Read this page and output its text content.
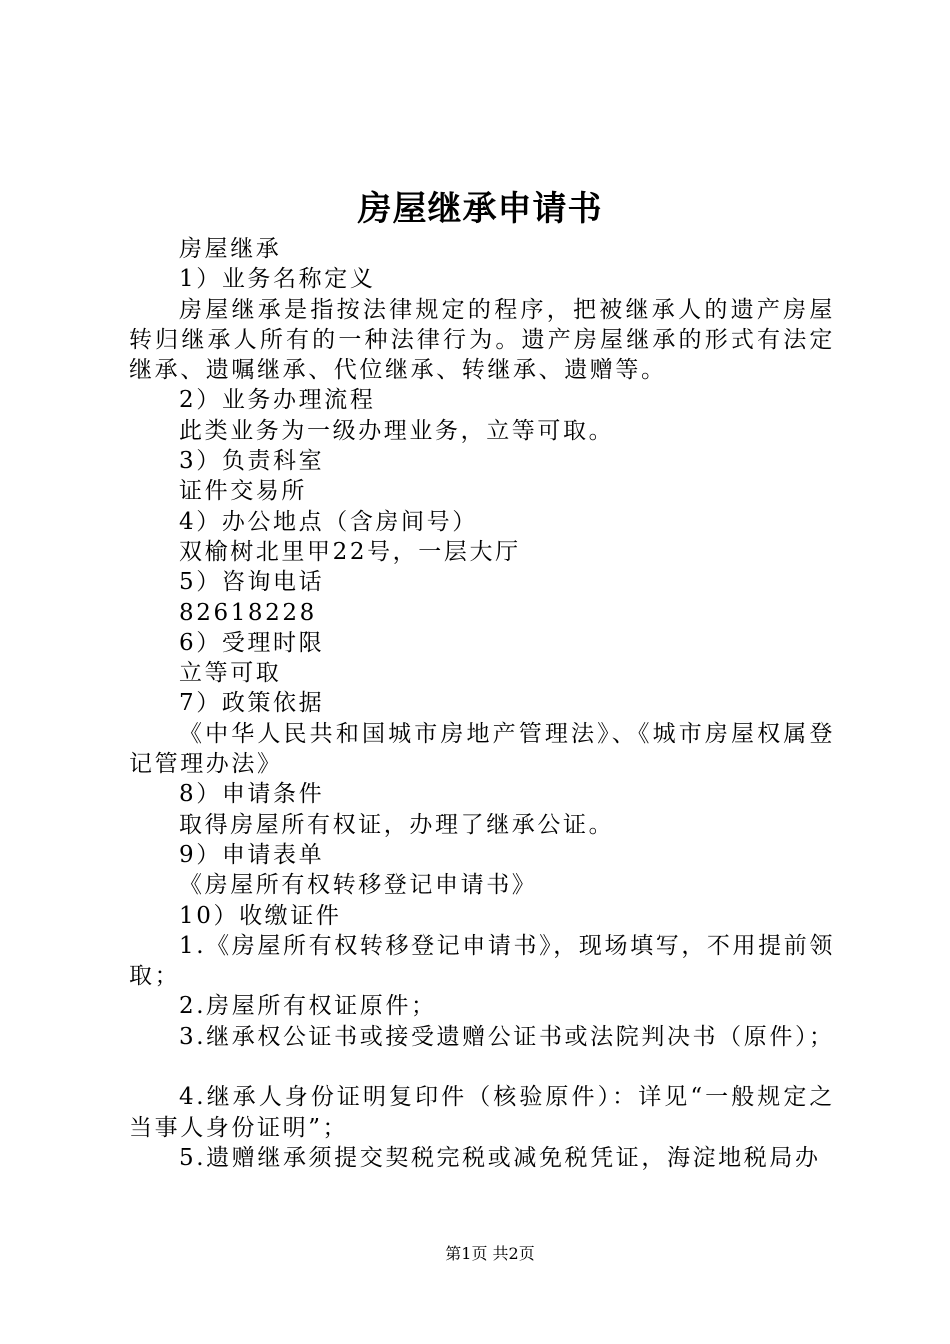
房屋继承申请书
房屋继承
1）业务名称定义
房屋继承是指按法律规定的程序，把被继承人的遗产房屋转归继承人所有的一种法律行为。遗产房屋继承的形式有法定继承、遗嘱继承、代位继承、转继承、遗赠等。
2）业务办理流程
此类业务为一级办理业务，立等可取。
3）负责科室
证件交易所
4）办公地点（含房间号）
双榆树北里甲22号，一层大厅
5）咨询电话
82618228
6）受理时限
立等可取
7）政策依据
《中华人民共和国城市房地产管理法》、《城市房屋权属登记管理办法》
8）申请条件
取得房屋所有权证，办理了继承公证。
9）申请表单
《房屋所有权转移登记申请书》
10）收缴证件
1.《房屋所有权转移登记申请书》，现场填写，不用提前领取；
2.房屋所有权证原件；
3.继承权公证书或接受遗赠公证书或法院判决书（原件）；
4.继承人身份证明复印件（核验原件）：详见“一般规定之当事人身份证明”；
5.遗赠继承须提交契税完税或减免税凭证，海淀地税局办
第1页 共2页
